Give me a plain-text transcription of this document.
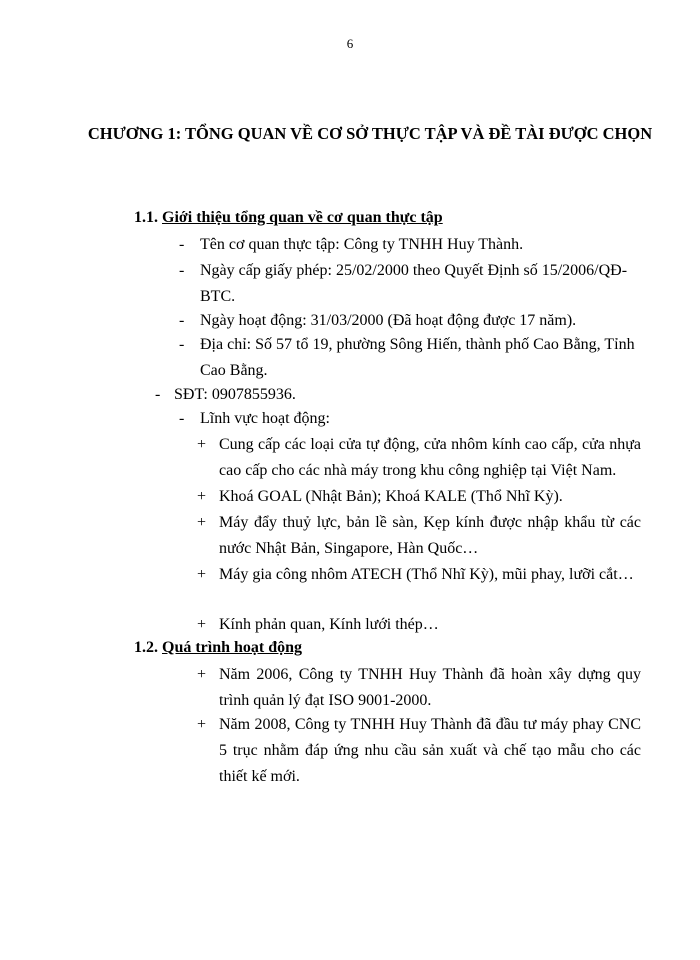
6
CHƯƠNG 1: TỔNG QUAN VỀ CƠ SỞ THỰC TẬP VÀ ĐỀ TÀI ĐƯỢC CHỌN
1.1. Giới thiệu tổng quan về cơ quan thực tập
- Tên cơ quan thực tập: Công ty TNHH Huy Thành.
- Ngày cấp giấy phép: 25/02/2000 theo Quyết Định số 15/2006/QĐ-BTC.
- Ngày hoạt động: 31/03/2000 (Đã hoạt động được 17 năm).
- Địa chỉ: Số 57 tổ 19, phường Sông Hiến, thành phố Cao Bằng, Tỉnh Cao Bằng.
- SĐT: 0907855936.
- Lĩnh vực hoạt động:
+ Cung cấp các loại cửa tự động, cửa nhôm kính cao cấp, cửa nhựa cao cấp cho các nhà máy trong khu công nghiệp tại Việt Nam.
+ Khoá GOAL (Nhật Bản); Khoá KALE (Thổ Nhĩ Kỳ).
+ Máy đẩy thuỷ lực, bản lề sàn, Kẹp kính được nhập khẩu từ các nước Nhật Bản, Singapore, Hàn Quốc…
+ Máy gia công nhôm ATECH (Thổ Nhĩ Kỳ), mũi phay, lưỡi cắt…
+ Kính phản quan, Kính lưới thép…
1.2. Quá trình hoạt động
+ Năm 2006, Công ty TNHH Huy Thành đã hoàn xây dựng quy trình quản lý đạt ISO 9001-2000.
+ Năm 2008, Công ty TNHH Huy Thành đã đầu tư máy phay CNC 5 trục nhằm đáp ứng nhu cầu sản xuất và chế tạo mẫu cho các thiết kế mới.
